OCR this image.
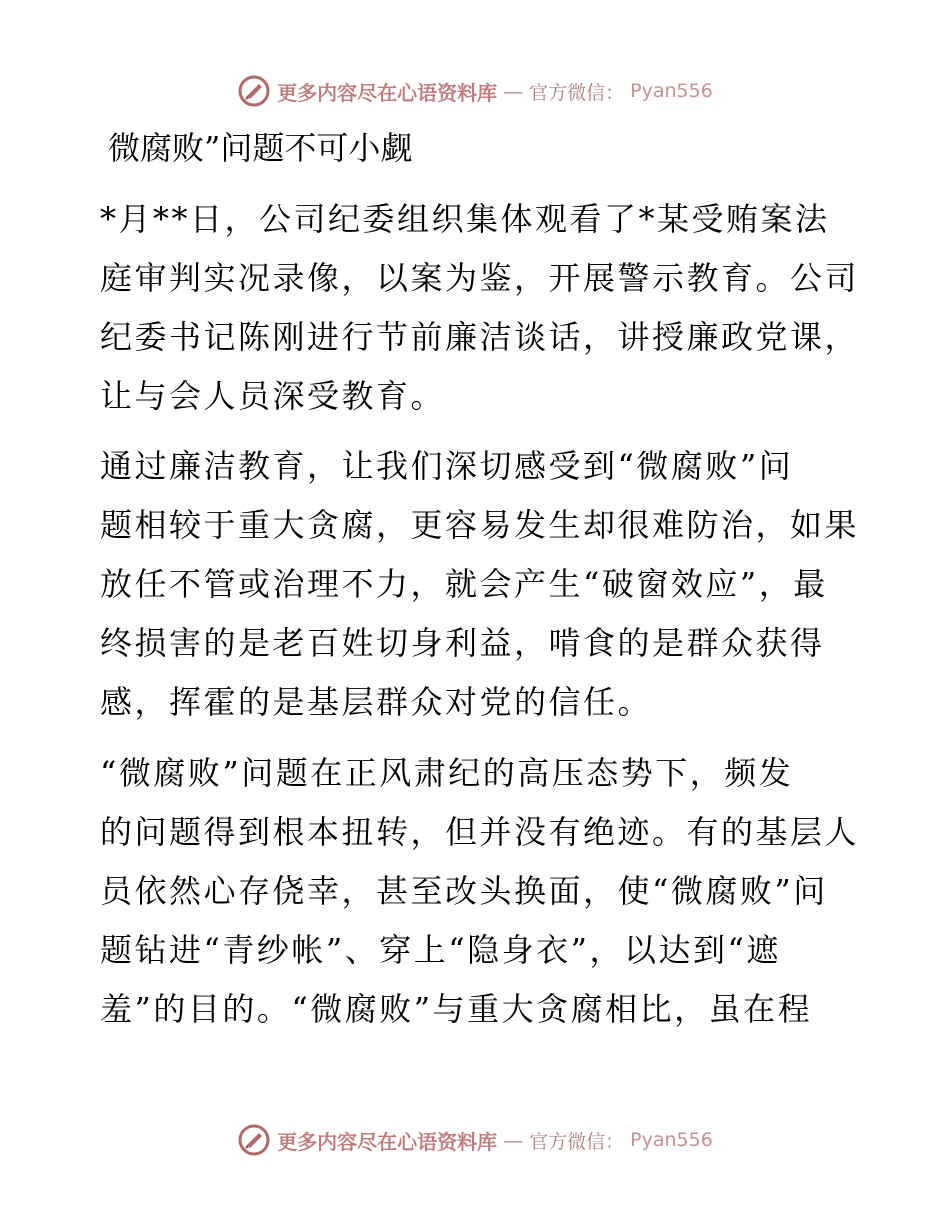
更多内容尽在心语资料库 — 官方微信： Pyan556
微腐败”问题不可小觑
*月**日，公司纪委组织集体观看了*某受贿案法
庭审判实况录像，以案为鉴，开展警示教育。公司
纪委书记陈刚进行节前廉洁谈话，讲授廉政党课，
让与会人员深受教育。
通过廉洁教育，让我们深切感受到“微腐败”问
题相较于重大贪腐，更容易发生却很难防治，如果
放任不管或治理不力，就会产生“破窗效应”，最
终损害的是老百姓切身利益，啃食的是群众获得
感，挥霍的是基层群众对党的信任。
“微腐败”问题在正风肃纪的高压态势下，频发
的问题得到根本扭转，但并没有绝迹。有的基层人
员依然心存侥幸，甚至改头换面，使“微腐败”问
题钻进“青纱帐”、穿上“隐身衣”，以达到“遮
羞”的目的。“微腐败”与重大贪腐相比，虽在程
更多内容尽在心语资料库 — 官方微信： Pyan556
